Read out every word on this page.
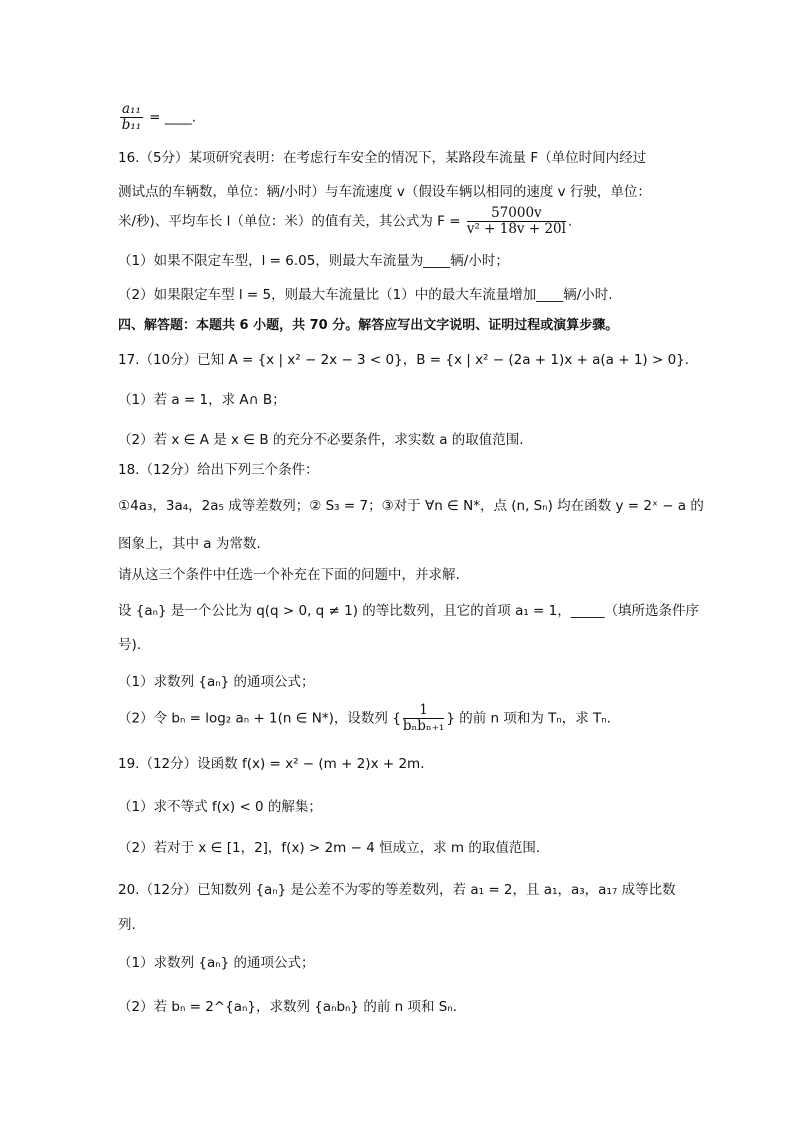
$\frac{\text{a₁₁}}{\text{b₁₁}}$ = ____.
16.（5分）某项研究表明：在考虑行车安全的情况下，某路段车流量 F（单位时间内经过
测试点的车辆数，单位：辆/小时）与车流速度 v（假设车辆以相同的速度 v 行驶，单位：
米/秒)、平均车长 l（单位：米）的值有关，其公式为 $F = \frac{57000v}{\text{v² + 18v + 20l}}$ .
（1）如果不限定车型，l = 6.05，则最大车流量为____辆/小时；
（2）如果限定车型 l = 5，则最大车流量比（1）中的最大车流量增加____辆/小时.
四、解答题：本题共 6 小题，共 70 分。解答应写出文字说明、证明过程或演算步骤。
17.（10分）已知 A = {x | x² − 2x − 3 < 0}，B = {x | x² − (2a + 1)x + a(a + 1) > 0}.
（1）若 a = 1，求 A∩ B；
（2）若 x ∈ A 是 x ∈ B 的充分不必要条件，求实数 a 的取值范围.
18.（12分）给出下列三个条件：
①4a₃，3a₄，2a₅ 成等差数列；② S₃ = 7；③对于 ∀n ∈ N*，点 (n, Sₙ) 均在函数 y = 2ˣ − a 的
图象上，其中 a 为常数.
请从这三个条件中任选一个补充在下面的问题中，并求解.
设 {aₙ} 是一个公比为 q(q > 0, q ≠ 1) 的等比数列，且它的首项 a₁ = 1，_____（填所选条件序
号).
（1）求数列 {aₙ} 的通项公式；
（2）令 bₙ = log₂ aₙ + 1(n ∈ N*)，设数列 {
1
bₙbₙ₊₁ } 的前 n 项和为 Tₙ，求 Tₙ.
19.（12分）设函数 f(x) = x² − (m + 2)x + 2m.
（1）求不等式 f(x) < 0 的解集；
（2）若对于 x ∈ [1，2]，f(x) > 2m − 4 恒成立，求 m 的取值范围.
20.（12分）已知数列 {aₙ} 是公差不为零的等差数列，若 a₁ = 2，且 a₁，a₃，a₁₇ 成等比数
列.
（1）求数列 {aₙ} 的通项公式；
（2）若 bₙ = 2^{aₙ}，求数列 {aₙbₙ} 的前 n 项和 Sₙ.
